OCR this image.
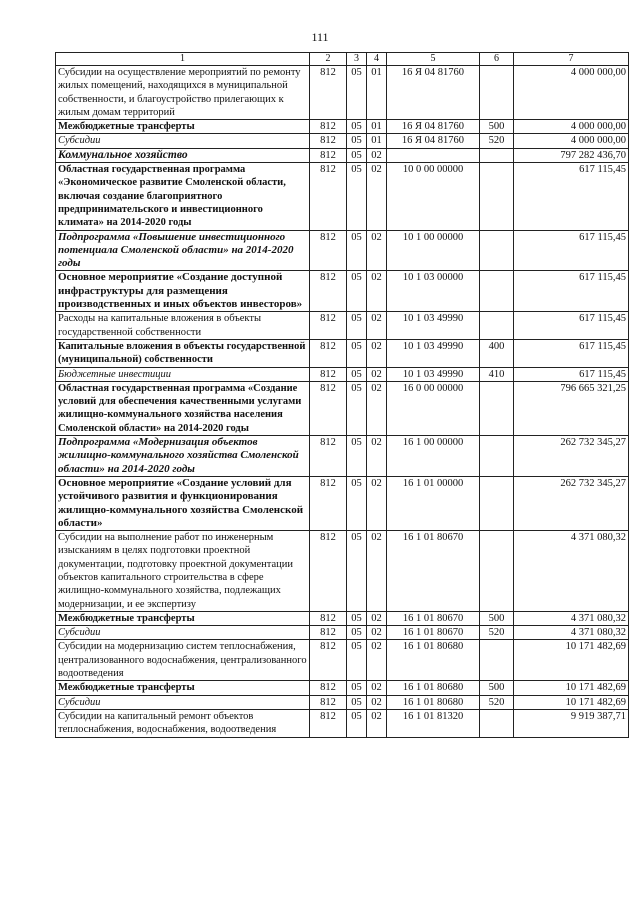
111
1	2	3	4	5	6	7
Субсидии на осуществление мероприятий по ремонту жилых помещений, находящихся в муниципальной собственности, и благоустройство прилегающих к жилым домам территорий	812	05	01	16 Я 04 81760		4 000 000,00
Межбюджетные трансферты	812	05	01	16 Я 04 81760	500	4 000 000,00
Субсидии	812	05	01	16 Я 04 81760	520	4 000 000,00
Коммунальное хозяйство	812	05	02			797 282 436,70
Областная государственная программа «Экономическое развитие Смоленской области, включая создание благоприятного предпринимательского и инвестиционного климата» на 2014-2020 годы	812	05	02	10 0 00 00000		617 115,45
Подпрограмма «Повышение инвестиционного потенциала Смоленской области» на 2014-2020 годы	812	05	02	10 1 00 00000		617 115,45
Основное мероприятие «Создание доступной инфраструктуры для размещения производственных и иных объектов инвесторов»	812	05	02	10 1 03 00000		617 115,45
Расходы на капитальные вложения в объекты государственной собственности	812	05	02	10 1 03 49990		617 115,45
Капитальные вложения в объекты государственной (муниципальной) собственности	812	05	02	10 1 03 49990	400	617 115,45
Бюджетные инвестиции	812	05	02	10 1 03 49990	410	617 115,45
Областная государственная программа «Создание условий для обеспечения качественными услугами жилищно-коммунального хозяйства населения Смоленской области» на 2014-2020 годы	812	05	02	16 0 00 00000		796 665 321,25
Подпрограмма «Модернизация объектов жилищно-коммунального хозяйства Смоленской области» на 2014-2020 годы	812	05	02	16 1 00 00000		262 732 345,27
Основное мероприятие «Создание условий для устойчивого развития и функционирования жилищно-коммунального хозяйства Смоленской области»	812	05	02	16 1 01 00000		262 732 345,27
Субсидии на выполнение работ по инженерным изысканиям в целях подготовки проектной документации, подготовку проектной документации объектов капитального строительства в сфере жилищно-коммунального хозяйства, подлежащих модернизации, и ее экспертизу	812	05	02	16 1 01 80670		4 371 080,32
Межбюджетные трансферты	812	05	02	16 1 01 80670	500	4 371 080,32
Субсидии	812	05	02	16 1 01 80670	520	4 371 080,32
Субсидии на модернизацию систем теплоснабжения, централизованного водоснабжения, централизованного водоотведения	812	05	02	16 1 01 80680		10 171 482,69
Межбюджетные трансферты	812	05	02	16 1 01 80680	500	10 171 482,69
Субсидии	812	05	02	16 1 01 80680	520	10 171 482,69
Субсидии на капитальный ремонт объектов теплоснабжения, водоснабжения, водоотведения	812	05	02	16 1 01 81320		9 919 387,71
